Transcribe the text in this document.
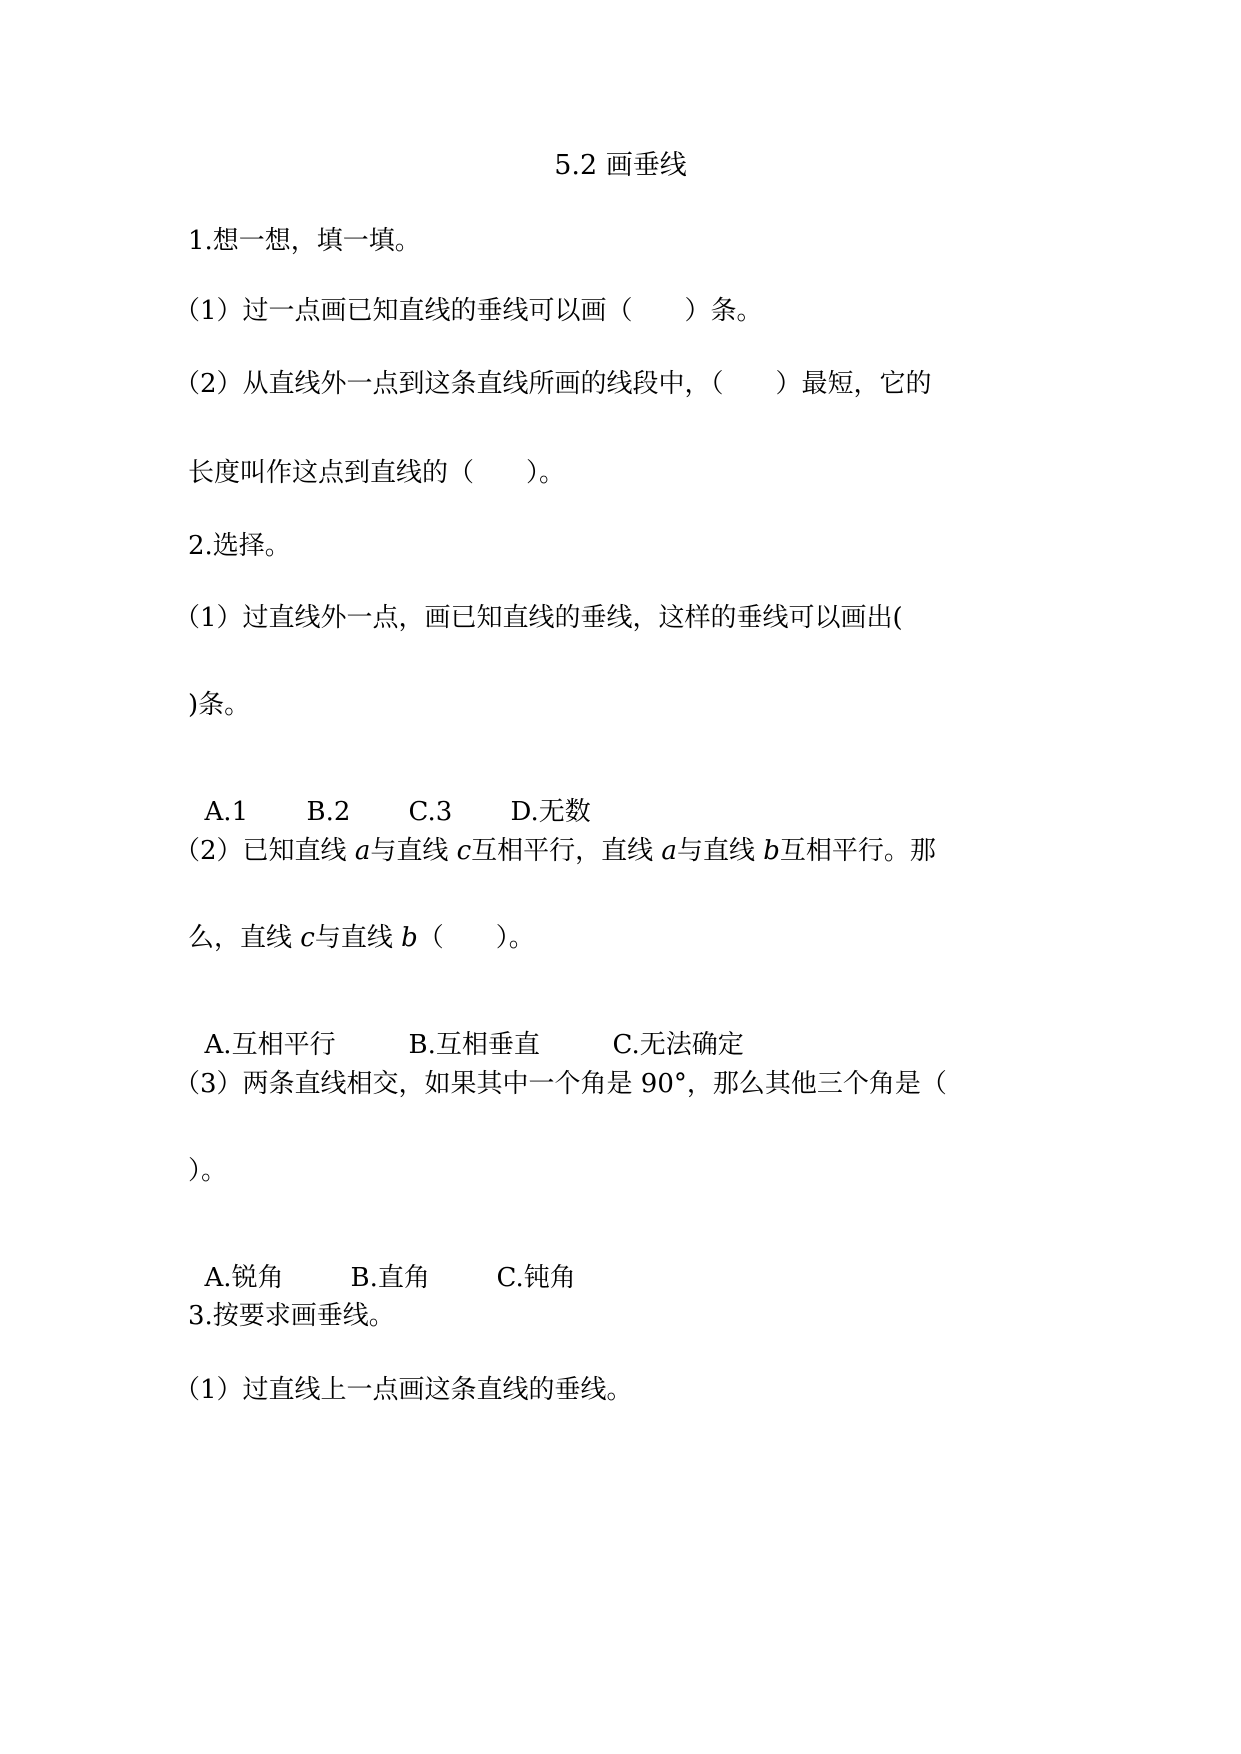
5.2 画垂线
1.想一想，填一填。
（1）过一点画已知直线的垂线可以画（　　）条。
（2）从直线外一点到这条直线所画的线段中，（　　）最短，它的
长度叫作这点到直线的（　　）。
2.选择。
（1）过直线外一点，画已知直线的垂线，这样的垂线可以画出(
)条。

A.1 B.2 C.3 D.无数

（2）已知直线 a与直线 c互相平行，直线 a与直线 b互相平行。那
么，直线 c与直线 b（　　）。

A.互相平行	B.互相垂直	C.无法确定

（3）两条直线相交，如果其中一个角是 90°，那么其他三个角是（
）。

A.锐角	B.直角	C.钝角

3.按要求画垂线。
（1）过直线上一点画这条直线的垂线。
